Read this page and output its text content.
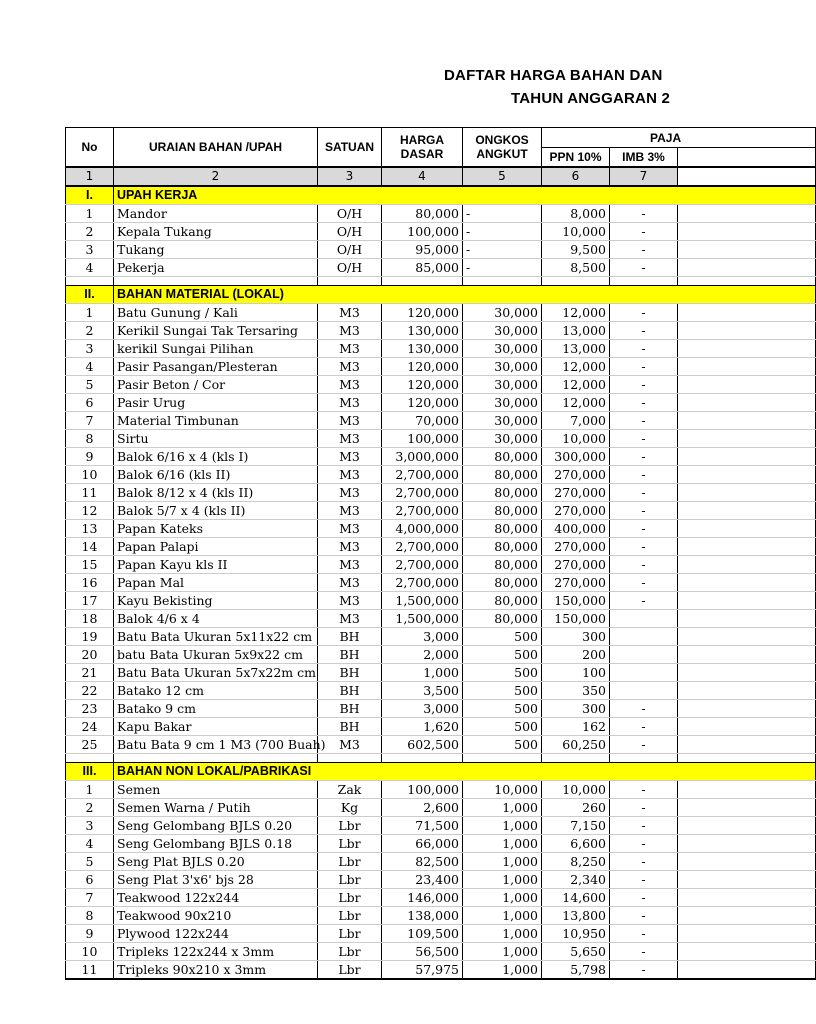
DAFTAR HARGA BAHAN DAN
TAHUN ANGGARAN 2
No	URAIAN BAHAN /UPAH	SATUAN	HARGA DASAR	ONGKOS ANGKUT	PAJA		
					PPN 10%	IMB 3%	
1	2	3	4	5	6	7	
I.	UPAH KERJA						
1	Mandor	O/H	80,000	-	8,000	-	
2	Kepala Tukang	O/H	100,000	-	10,000	-	
3	Tukang	O/H	95,000	-	9,500	-	
4	Pekerja	O/H	85,000	-	8,500	-	

II.	BAHAN MATERIAL (LOKAL)						
1	Batu Gunung / Kali	M3	120,000	30,000	12,000	-	
2	Kerikil Sungai Tak Tersaring	M3	130,000	30,000	13,000	-	
3	kerikil Sungai Pilihan	M3	130,000	30,000	13,000	-	
4	Pasir Pasangan/Plesteran	M3	120,000	30,000	12,000	-	
5	Pasir Beton / Cor	M3	120,000	30,000	12,000	-	
6	Pasir Urug	M3	120,000	30,000	12,000	-	
7	Material Timbunan	M3	70,000	30,000	7,000	-	
8	Sirtu	M3	100,000	30,000	10,000	-	
9	Balok 6/16 x 4 (kls I)	M3	3,000,000	80,000	300,000	-	
10	Balok 6/16 (kls II)	M3	2,700,000	80,000	270,000	-	
11	Balok 8/12 x 4 (kls II)	M3	2,700,000	80,000	270,000	-	
12	Balok 5/7 x 4 (kls II)	M3	2,700,000	80,000	270,000	-	
13	Papan Kateks	M3	4,000,000	80,000	400,000	-	
14	Papan Palapi	M3	2,700,000	80,000	270,000	-	
15	Papan Kayu kls II	M3	2,700,000	80,000	270,000	-	
16	Papan Mal	M3	2,700,000	80,000	270,000	-	
17	Kayu Bekisting	M3	1,500,000	80,000	150,000	-	
18	Balok 4/6 x 4	M3	1,500,000	80,000	150,000		
19	Batu Bata Ukuran 5x11x22 cm	BH	3,000	500	300		
20	batu Bata Ukuran 5x9x22 cm	BH	2,000	500	200		
21	Batu Bata Ukuran 5x7x22m cm	BH	1,000	500	100		
22	Batako 12 cm	BH	3,500	500	350		
23	Batako 9 cm	BH	3,000	500	300	-	
24	Kapu Bakar	BH	1,620	500	162	-	
25	Batu Bata 9 cm 1 M3 (700 Buah)	M3	602,500	500	60,250	-	

III.	BAHAN NON LOKAL/PABRIKASI						
1	Semen	Zak	100,000	10,000	10,000	-	
2	Semen Warna / Putih	Kg	2,600	1,000	260	-	
3	Seng Gelombang BJLS 0.20	Lbr	71,500	1,000	7,150	-	
4	Seng Gelombang BJLS 0.18	Lbr	66,000	1,000	6,600	-	
5	Seng Plat BJLS 0.20	Lbr	82,500	1,000	8,250	-	
6	Seng Plat 3'x6' bjs 28	Lbr	23,400	1,000	2,340	-	
7	Teakwood 122x244	Lbr	146,000	1,000	14,600	-	
8	Teakwood 90x210	Lbr	138,000	1,000	13,800	-	
9	Plywood 122x244	Lbr	109,500	1,000	10,950	-	
10	Tripleks 122x244 x 3mm	Lbr	56,500	1,000	5,650	-	
11	Tripleks 90x210 x 3mm	Lbr	57,975	1,000	5,798	-	
